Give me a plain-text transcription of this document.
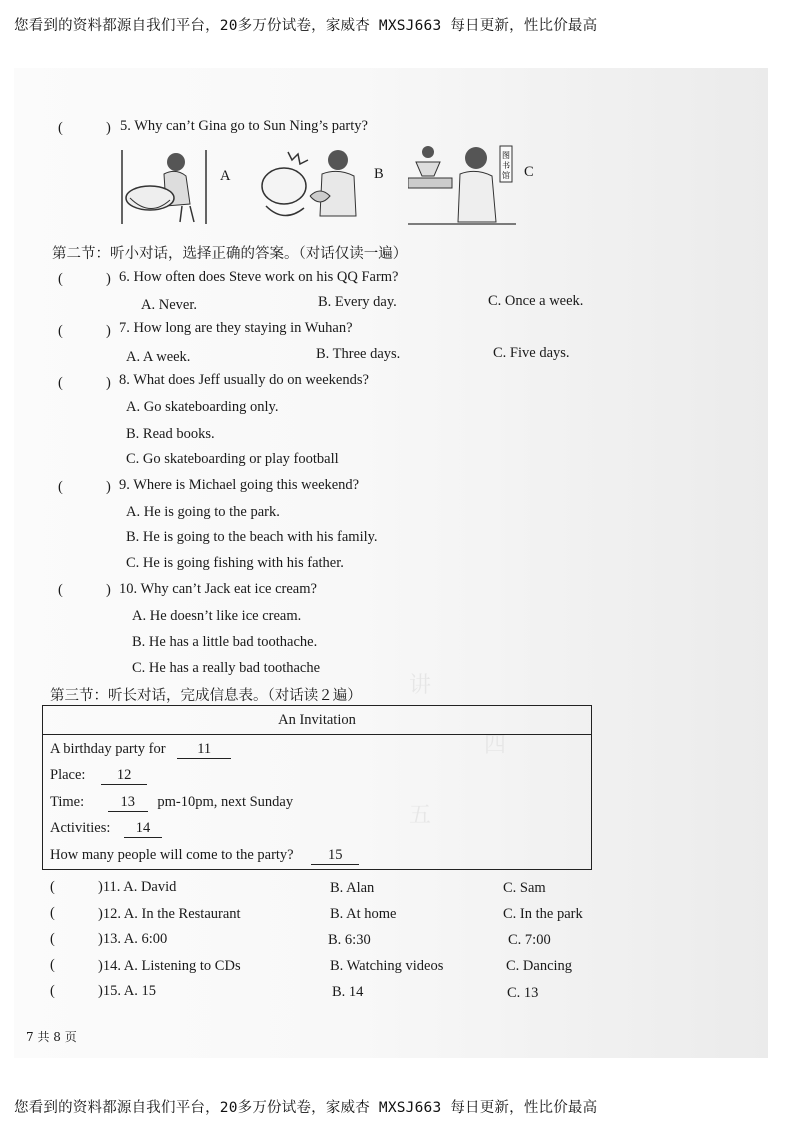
您看到的资料都源自我们平台，20多万份试卷，家威杏 MXSJ663 每日更新，性比价最高
讲
四
五
(	) 5. Why can’t Gina go to Sun Ning’s party?
A	B
图
书
馆 C
第二节：听小对话，选择正确的答案。（对话仅读一遍）
(	) 6. How often does Steve work on his QQ Farm?
A. Never.	B. Every day.	C. Once a week.
(	) 7. How long are they staying in Wuhan?
A. A week.	B. Three days.	C. Five days.
(	) 8. What does Jeff usually do on weekends?
A. Go skateboarding only.
B. Read books.
C. Go skateboarding or play football
(	) 9. Where is Michael going this weekend?
A. He is going to the park.
B. He is going to the beach with his family.
C. He is going fishing with his father.
(	) 10. Why can’t Jack eat ice cream?
A. He doesn’t like ice cream.
B. He has a little bad toothache.
C. He has a really bad toothache
第三节：听长对话，完成信息表。（对话读２遍）
An Invitation
A birthday party for 11
Place: 12
Time:	13 pm-10pm, next Sunday
Activities: 14
How many people will come to the party? 15
(	)11. A. David	B. Alan	C. Sam
(	)12. A. In the Restaurant	B. At home	C. In the park
(	)13. A. 6:00	B. 6:30	C. 7:00
(	)14. A. Listening to CDs	B. Watching videos	C. Dancing
(	)15. A. 15	B. 14	C. 13
7 共 8 页
您看到的资料都源自我们平台，20多万份试卷，家威杏 MXSJ663 每日更新，性比价最高
